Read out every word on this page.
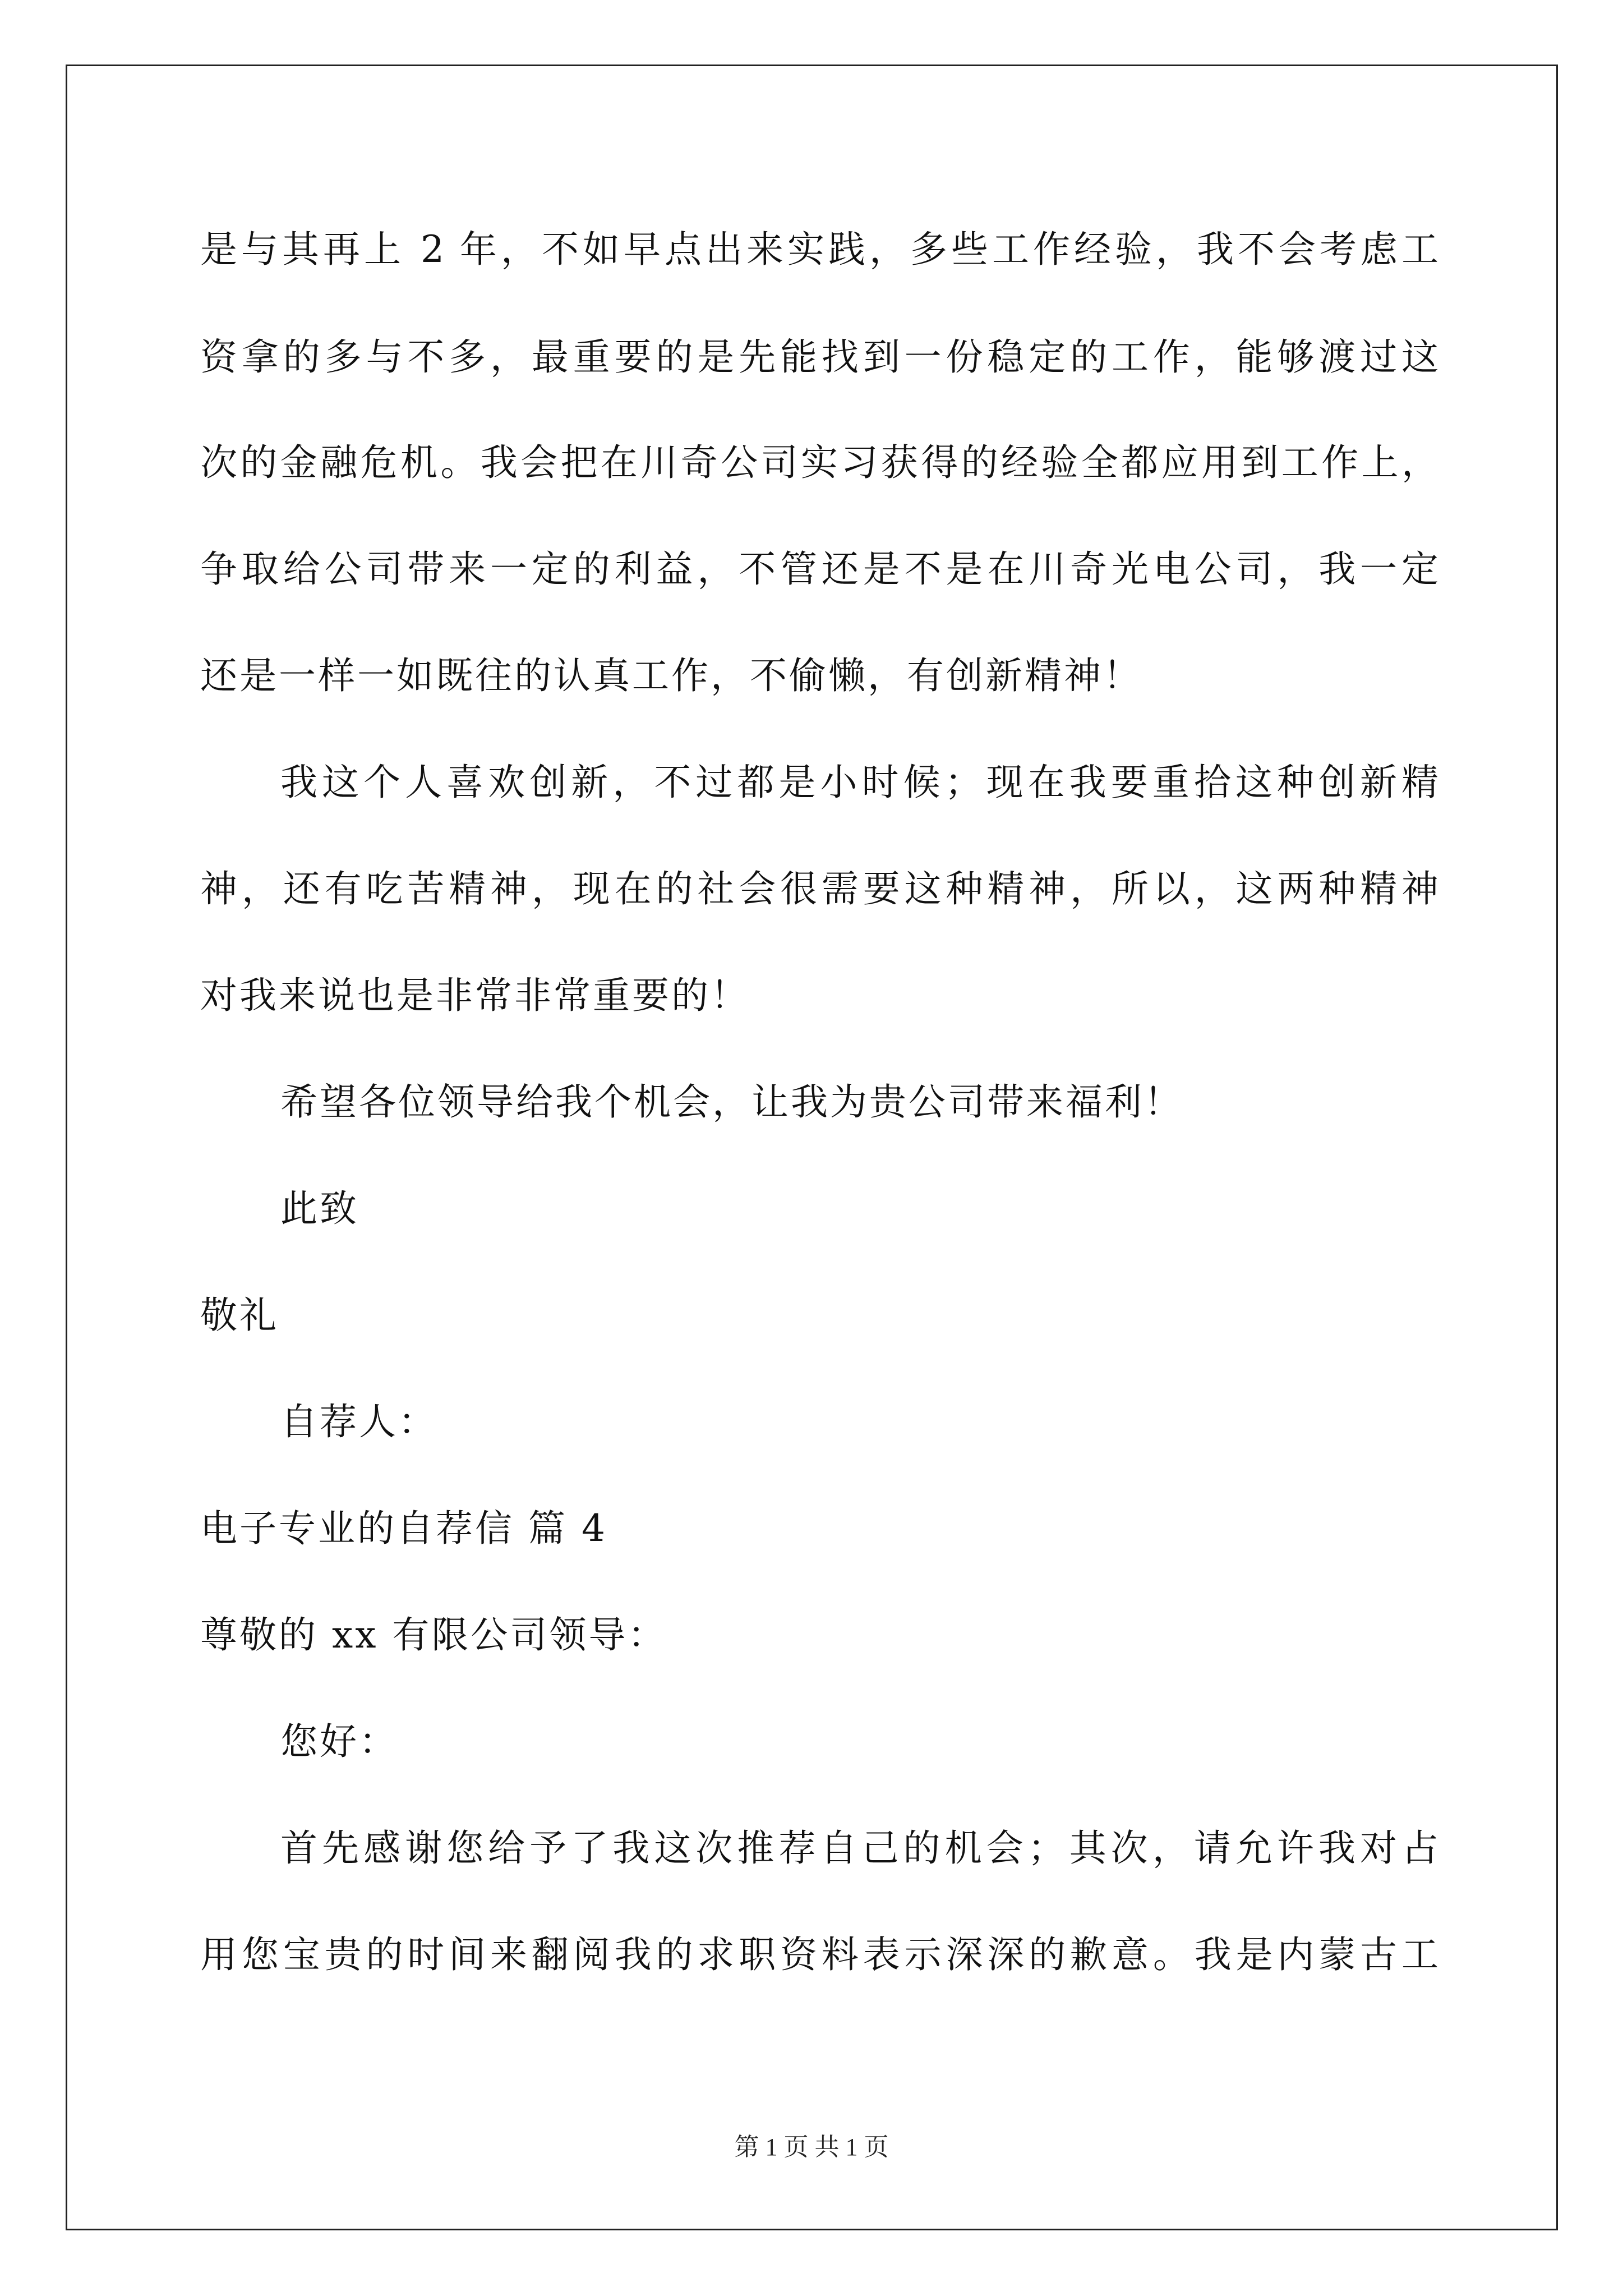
是与其再上 2 年，不如早点出来实践，多些工作经验，我不会考虑工
资拿的多与不多，最重要的是先能找到一份稳定的工作，能够渡过这
次的金融危机。我会把在川奇公司实习获得的经验全都应用到工作上，
争取给公司带来一定的利益，不管还是不是在川奇光电公司，我一定
还是一样一如既往的认真工作，不偷懒，有创新精神！
我这个人喜欢创新，不过都是小时候；现在我要重拾这种创新精
神，还有吃苦精神，现在的社会很需要这种精神，所以，这两种精神
对我来说也是非常非常重要的！
希望各位领导给我个机会，让我为贵公司带来福利！
此致
敬礼
自荐人：
电子专业的自荐信 篇 4
尊敬的 xx 有限公司领导：
您好：
首先感谢您给予了我这次推荐自己的机会；其次，请允许我对占
用您宝贵的时间来翻阅我的求职资料表示深深的歉意。我是内蒙古工
第 1 页 共 1 页
